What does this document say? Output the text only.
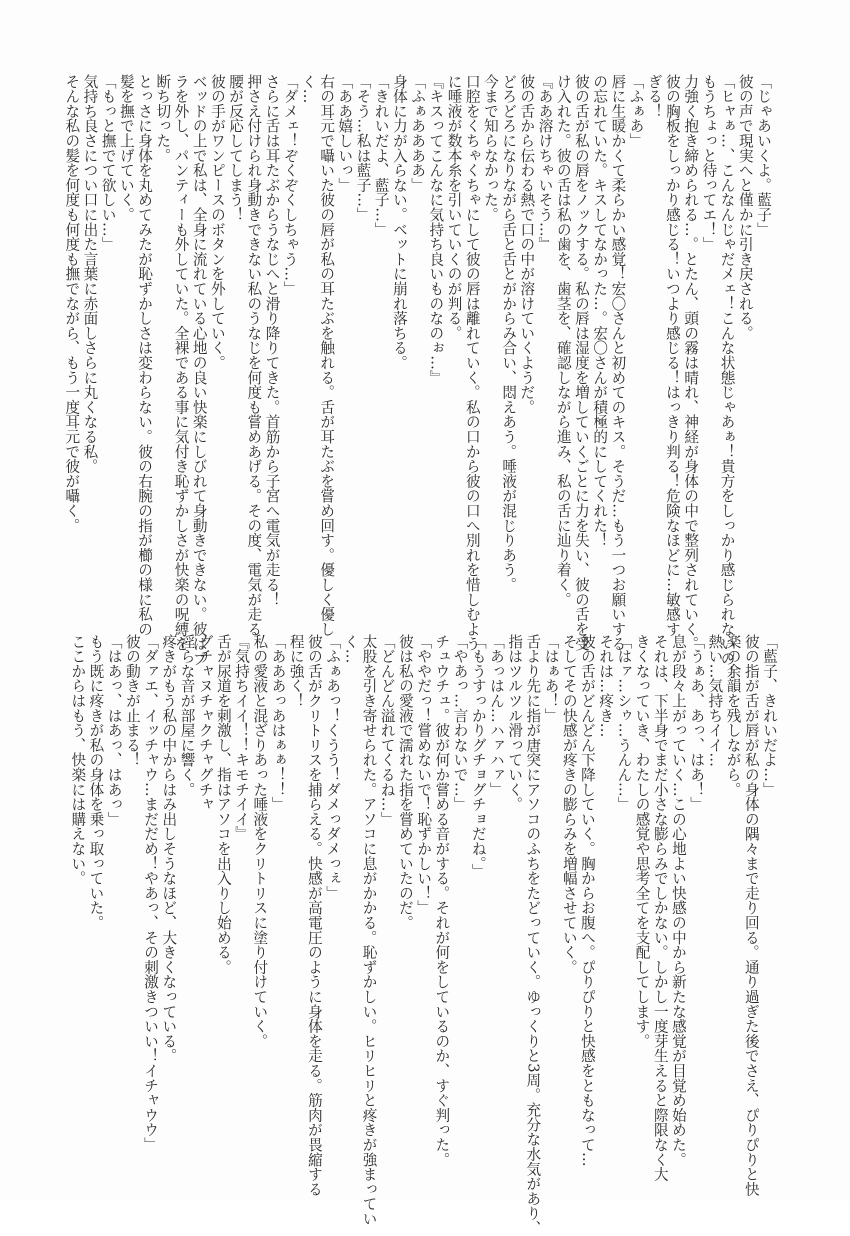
「じゃあいくよ。藍子」
彼の声で現実へと僅かに引き戻される。
「ヒャぁ…、こんなんじゃだメェ！こんな状態じゃあぁ！貴方をしっかり感じられないの！
もうちょっと待ってエ！」
力強く抱き締められる…。とたん、頭の霧は晴れ、神経が身体の中で整列されていく。
彼の胸板をしっかり感じる！いつより感じる！はっきり判る！危険なほどに…敏感す
ぎる！
「ふぁあ」
唇に生暖かくて柔らかい感覚！宏〇さんと初めてのキス。そうだ…もう一つお願いする
の忘れていた。キスしてなかった…。宏〇さんが積極的にしてくれた！
彼の舌が私の唇をノックする。私の唇は湿度を増していくごとに力を失い、彼の舌を受
け入れた。彼の舌は私の歯を、歯茎を、確認しながら進み、私の舌に辿り着く。
『ああ溶けちゃいそう…』
彼の舌から伝わる熱で口の中が溶けていくようだ。
どろどろになりながら舌と舌とがからみ合い、悶えあう。唾液が混じりあう。
今まで知らなかった。
口腔をくちゃくちゃにして彼の唇は離れていく。私の口から彼の口へ別れを惜しむよう
に唾液が数本糸を引いていくのが判る。
『キスってこんなに気持ち良いものなのぉ…』
「ふぁああああ」
身体に力が入らない。ベットに崩れ落ちる。
「きれいだよ、藍子…」
「そう…私は藍子…」
「ああ嬉しいっ」
右の耳元で囁いた彼の唇が私の耳たぶを触れる。舌が耳たぶを嘗め回す。優しく優し
く…
「ダメェ！ぞくぞくしちゃう…」
さらに舌は耳たぶからうなじへと滑り降りてきた。首筋から子宮へ電気が走る！
押さえ付けられ身動きできない私のうなじを何度も嘗めあげる。その度、電気が走る
腰が反応してしまう！
彼の手がワンピースのボタンを外していく。
ベッドの上で私は、全身に流れている心地の良い快楽にしびれて身動きできない。彼はブ
ラを外し、パンティーも外していた。全裸である事に気付き恥ずかしさが快楽の呪縛を
断ち切った。
とっさに身体を丸めてみたが恥ずかしさは変わらない。彼の右腕の指が櫛の様に私の
髪を撫で上げていく。
「もっと撫でて欲しい…」
気持ち良さについ口に出た言葉に赤面しさらに丸くなる私。
そんな私の髪を何度も何度も撫でながら、もう一度耳元で彼が囁く。
「藍子、きれいだよ…」
彼の指が舌が唇が私の身体の隅々まで走り回る。通り過ぎた後でさえ、ぴりぴりと快
楽の余韻を残しながら。
熱い…気持ちイイ…
「うぁあ、あっ、はあ！」
息が段々上がっていく…この心地よい快感の中から新たな感覚が目覚め始めた。
それは、下半身でまだ小さな膨らみでしかない。しかし一度芽生えると際限なく大
きくなっていき、わたしの感覚や思考全てを支配してします。
「はァ…シゥ…うんん…」
それは…疼き…
彼の舌がどんどん下降していく。胸からお腹へ。ぴりぴりと快感をともなって…
そしてその快感が疼きの膨らみを増幅させていく。
「はぁあ！」
舌より先に指が唐突にアソコのふちをたどっていく。ゆっくりと3周。充分な水気があり、
指はツルツル滑っていく。
「あっはん…ハァハァ」
「もうすっかりグチョグチョだね。」
「やあっ…言わないで…」
チュウチュ。彼が何か嘗める音がする。それが何をしているのか、すぐ判った。
「ややだっ！嘗めないで！恥ずかしい！」
彼は私の愛液で濡れた指を嘗めていたのだ。
「どんどん溢れてくるね…」
太股を引き寄せられた。アソコに息がかかる。恥ずかしい。ヒリヒリと疼きが強まってい
く…
「ふぁあっ！くうう！ダメっダメっぇ」
彼の舌がクリトリスを捕らえる。快感が高電圧のように身体を走る。筋肉が畏縮する
程に強く！
「あああっあはぁぁ！！」
私の愛液と混ざりあった唾液をクリトリスに塗り付けていく。
『気持ちイイ！！キモチイイ』
舌が尿道を刺激し、指はアソコを出入りし始める。
グチャヌチャクチャグチャ
淫らな音が部屋に響く。
疼きがもう私の中からはみ出しそうなほど、大きくなっている。
「ダァエ、イッチャウ…まだだめ！やあっ、その刺激きついい！イチャウウ」
彼の動きが止まる！
「はあっ、はあっ、はあっ」
もう既に疼きが私の身体を乗っ取っていた。
ここからはもう、快楽には購えない。
